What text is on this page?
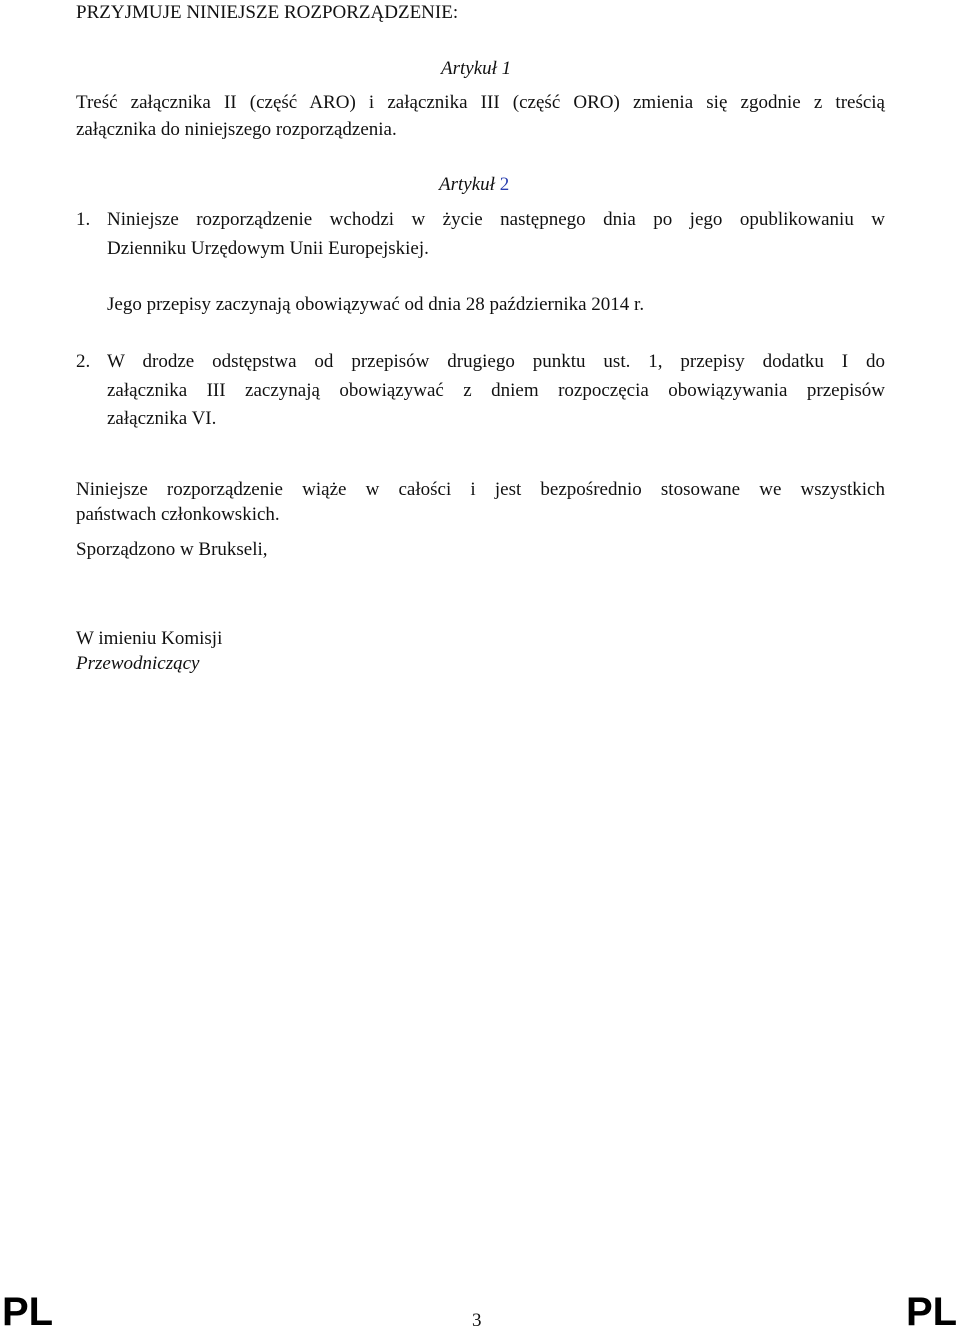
PRZYJMUJE NINIEJSZE ROZPORZĄDZENIE:
Artykuł 1
Treść załącznika II (część ARO) i załącznika III (część ORO) zmienia się zgodnie z treścią
załącznika do niniejszego rozporządzenia.
Artykuł 2
1. Niniejsze rozporządzenie wchodzi w życie następnego dnia po jego opublikowaniu w
Dzienniku Urzędowym Unii Europejskiej.
Jego przepisy zaczynają obowiązywać od dnia 28 października 2014 r.
2. W drodze odstępstwa od przepisów drugiego punktu ust. 1, przepisy dodatku I do
załącznika III zaczynają obowiązywać z dniem rozpoczęcia obowiązywania przepisów
załącznika VI.
Niniejsze rozporządzenie wiąże w całości i jest bezpośrednio stosowane we wszystkich
państwach członkowskich.
Sporządzono w Brukseli,
W imieniu Komisji
Przewodniczący
PL	3	PL
